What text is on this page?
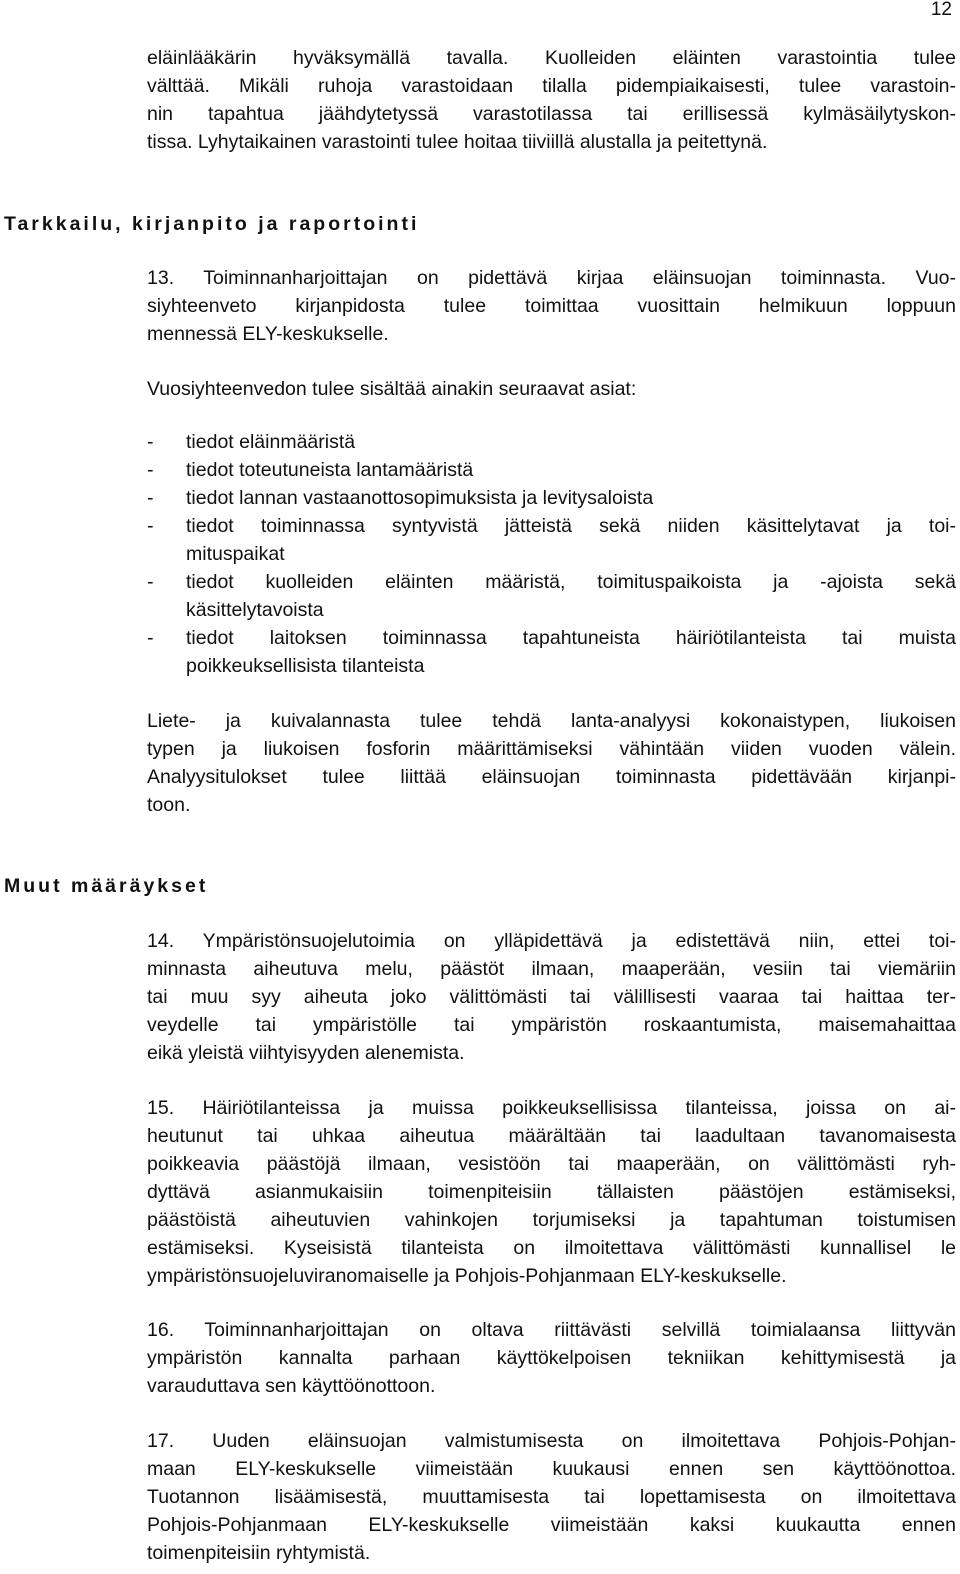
12
eläinlääkärin hyväksymällä tavalla. Kuolleiden eläinten varastointia tulee
välttää. Mikäli ruhoja varastoidaan tilalla pidempiaikaisesti, tulee varastoin-
nin tapahtua jäähdytetyssä varastotilassa tai erillisessä kylmäsäilytyskon-
tissa. Lyhytaikainen varastointi tulee hoitaa tiiviillä alustalla ja peitettynä.
Tarkkailu, kirjanpito ja raportointi
13. Toiminnanharjoittajan on pidettävä kirjaa eläinsuojan toiminnasta. Vuo-
siyhteenveto kirjanpidosta tulee toimittaa vuosittain helmikuun loppuun
mennessä ELY-keskukselle.
Vuosiyhteenvedon tulee sisältää ainakin seuraavat asiat:
- tiedot eläinmääristä
- tiedot toteutuneista lantamääristä
- tiedot lannan vastaanottosopimuksista ja levitysaloista
- tiedot toiminnassa syntyvistä jätteistä sekä niiden käsittelytavat ja toi-
mituspaikat
- tiedot kuolleiden eläinten määristä, toimituspaikoista ja -ajoista sekä
käsittelytavoista
- tiedot laitoksen toiminnassa tapahtuneista häiriötilanteista tai muista
poikkeuksellisista tilanteista
Liete- ja kuivalannasta tulee tehdä lanta-analyysi kokonaistypen, liukoisen
typen ja liukoisen fosforin määrittämiseksi vähintään viiden vuoden välein.
Analyysitulokset tulee liittää eläinsuojan toiminnasta pidettävään kirjanpi-
toon.
Muut määräykset
14. Ympäristönsuojelutoimia on ylläpidettävä ja edistettävä niin, ettei toi-
minnasta aiheutuva melu, päästöt ilmaan, maaperään, vesiin tai viemäriin
tai muu syy aiheuta joko välittömästi tai välillisesti vaaraa tai haittaa ter-
veydelle tai ympäristölle tai ympäristön roskaantumista, maisemahaittaa
eikä yleistä viihtyisyyden alenemista.
15. Häiriötilanteissa ja muissa poikkeuksellisissa tilanteissa, joissa on ai-
heutunut tai uhkaa aiheutua määrältään tai laadultaan tavanomaisesta
poikkeavia päästöjä ilmaan, vesistöön tai maaperään, on välittömästi ryh-
dyttävä asianmukaisiin toimenpiteisiin tällaisten päästöjen estämiseksi,
päästöistä aiheutuvien vahinkojen torjumiseksi ja tapahtuman toistumisen
estämiseksi. Kyseisistä tilanteista on ilmoitettava välittömästi kunnallisel le
ympäristönsuojeluviranomaiselle ja Pohjois-Pohjanmaan ELY-keskukselle.
16. Toiminnanharjoittajan on oltava riittävästi selvillä toimialaansa liittyvän
ympäristön kannalta parhaan käyttökelpoisen tekniikan kehittymisestä ja
varauduttava sen käyttöönottoon.
17. Uuden eläinsuojan valmistumisesta on ilmoitettava Pohjois-Pohjan-
maan ELY-keskukselle viimeistään kuukausi ennen sen käyttöönottoa.
Tuotannon lisäämisestä, muuttamisesta tai lopettamisesta on ilmoitettava
Pohjois-Pohjanmaan ELY-keskukselle viimeistään kaksi kuukautta ennen
toimenpiteisiin ryhtymistä.
